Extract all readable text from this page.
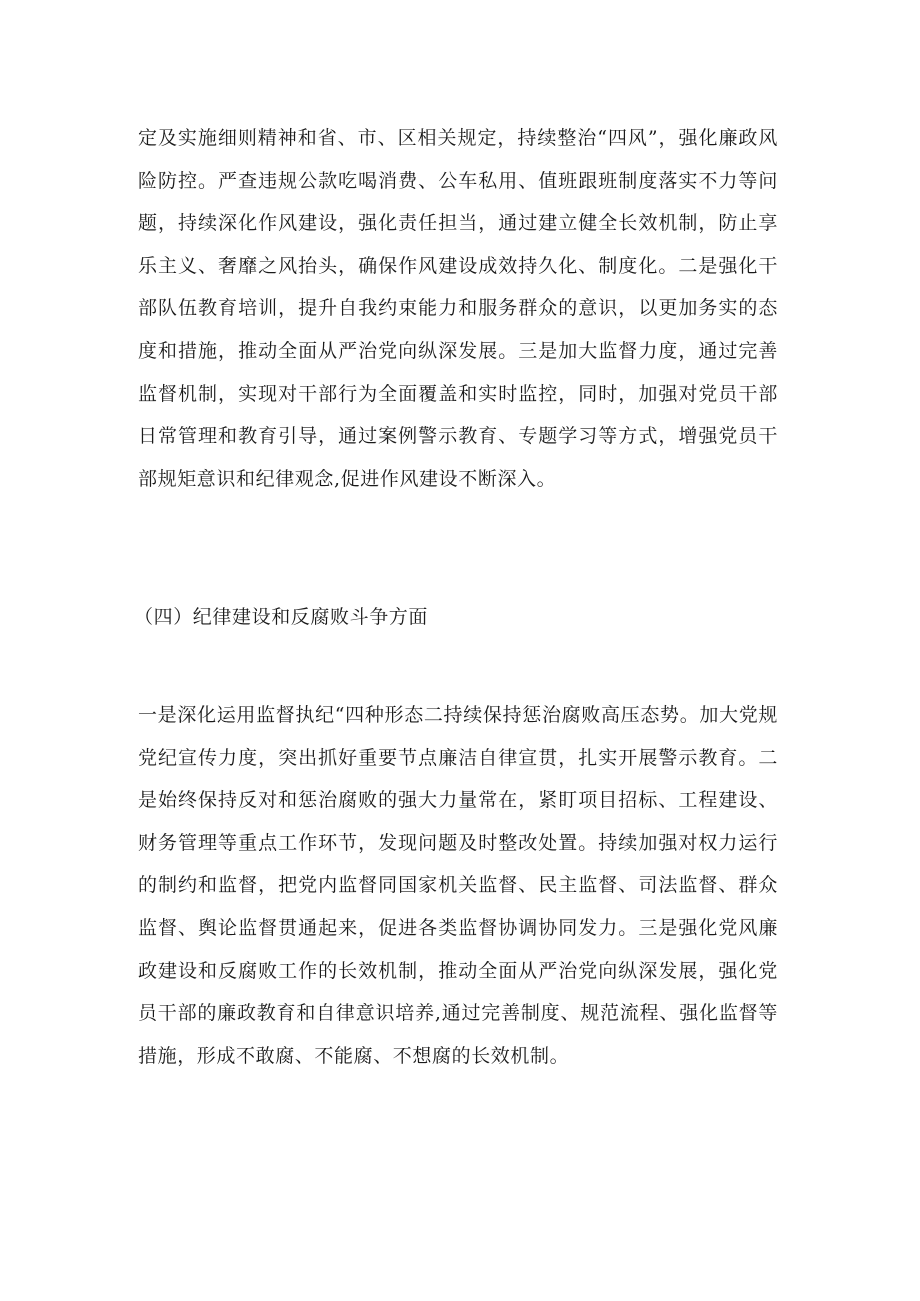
定及实施细则精神和省、市、区相关规定，持续整治“四风”，强化廉政风险防控。严查违规公款吃喝消费、公车私用、值班跟班制度落实不力等问题，持续深化作风建设，强化责任担当，通过建立健全长效机制，防止享乐主义、奢靡之风抬头，确保作风建设成效持久化、制度化。二是强化干部队伍教育培训，提升自我约束能力和服务群众的意识，以更加务实的态度和措施，推动全面从严治党向纵深发展。三是加大监督力度，通过完善监督机制，实现对干部行为全面覆盖和实时监控，同时，加强对党员干部日常管理和教育引导，通过案例警示教育、专题学习等方式，增强党员干部规矩意识和纪律观念,促进作风建设不断深入。

（四）纪律建设和反腐败斗争方面

一是深化运用监督执纪“四种形态二持续保持惩治腐败高压态势。加大党规党纪宣传力度，突出抓好重要节点廉洁自律宣贯，扎实开展警示教育。二是始终保持反对和惩治腐败的强大力量常在，紧盯项目招标、工程建设、财务管理等重点工作环节，发现问题及时整改处置。持续加强对权力运行的制约和监督，把党内监督同国家机关监督、民主监督、司法监督、群众监督、舆论监督贯通起来，促进各类监督协调协同发力。三是强化党风廉政建设和反腐败工作的长效机制，推动全面从严治党向纵深发展，强化党员干部的廉政教育和自律意识培养,通过完善制度、规范流程、强化监督等措施，形成不敢腐、不能腐、不想腐的长效机制。
